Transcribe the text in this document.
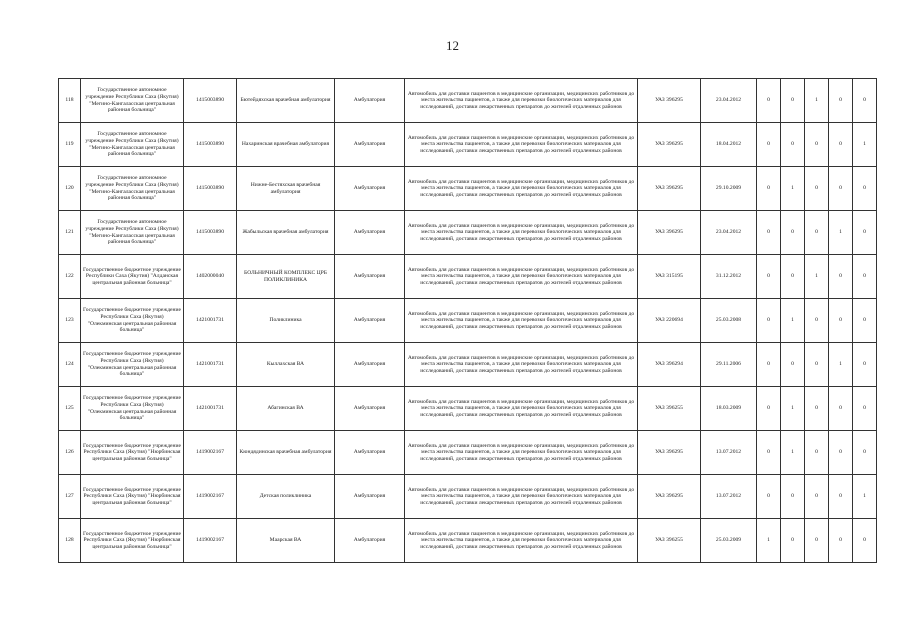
12
118	Государственное автономное учреждение Республики Саха (Якутия) "Мегино-Кангаласская центральная районная больница"	1415003890	Бютейдяхская врачебная амбулатория	Амбулатория	Автомобиль для доставки пациентов в медицинские организации, медицинских работников до места жительства пациентов, а также для перевозки биологических материалов для исследований, доставки лекарственных препаратов до жителей отдаленных районов	УАЗ 396295	23.04.2012	0	0	1	0	0
119	Государственное автономное учреждение Республики Саха (Якутия) "Мегино-Кангаласская центральная районная больница"	1415003890	Нахаринская врачебная амбулатория	Амбулатория	Автомобиль для доставки пациентов в медицинские организации, медицинских работников до места жительства пациентов, а также для перевозки биологических материалов для исследований, доставки лекарственных препаратов до жителей отдаленных районов	УАЗ 396295	18.04.2012	0	0	0	0	1
120	Государственное автономное учреждение Республики Саха (Якутия) "Мегино-Кангаласская центральная районная больница"	1415003890	Нижне-Бестяхская врачебная амбулатория	Амбулатория	Автомобиль для доставки пациентов в медицинские организации, медицинских работников до места жительства пациентов, а также для перевозки биологических материалов для исследований, доставки лекарственных препаратов до жителей отдаленных районов	УАЗ 396295	29.10.2009	0	1	0	0	0
121	Государственное автономное учреждение Республики Саха (Якутия) "Мегино-Кангаласская центральная районная больница"	1415003890	Жабыльская врачебная амбулатория	Амбулатория	Автомобиль для доставки пациентов в медицинские организации, медицинских работников до места жительства пациентов, а также для перевозки биологических материалов для исследований, доставки лекарственных препаратов до жителей отдаленных районов	УАЗ 396295	23.04.2012	0	0	0	1	0
122	Государственное бюджетное учреждение Республики Саха (Якутия) "Алданская центральная районная больница"	1402000040	БОЛЬНИЧНЫЙ КОМПЛЕКС ЦРБ ПОЛИКЛИНИКА	Амбулатория	Автомобиль для доставки пациентов в медицинские организации, медицинских работников до места жительства пациентов, а также для перевозки биологических материалов для исследований, доставки лекарственных препаратов до жителей отдаленных районов	УАЗ 315195	31.12.2012	0	0	1	0	0
123	Государственное бюджетное учреждение Республики Саха (Якутия) "Олекминская центральная районная больница"	1421001731	Поликлиника	Амбулатория	Автомобиль для доставки пациентов в медицинские организации, медицинских работников до места жительства пациентов, а также для перевозки биологических материалов для исследований, доставки лекарственных препаратов до жителей отдаленных районов	УАЗ 220694	25.03.2008	0	1	0	0	0
124	Государственное бюджетное учреждение Республики Саха (Якутия) "Олекминская центральная районная больница"	1421001731	Кыллахская ВА	Амбулатория	Автомобиль для доставки пациентов в медицинские организации, медицинских работников до места жительства пациентов, а также для перевозки биологических материалов для исследований, доставки лекарственных препаратов до жителей отдаленных районов	УАЗ 396294	29.11.2006	0	0	0	1	0
125	Государственное бюджетное учреждение Республики Саха (Якутия) "Олекминская центральная районная больница"	1421001731	Абагинская ВА	Амбулатория	Автомобиль для доставки пациентов в медицинские организации, медицинских работников до места жительства пациентов, а также для перевозки биологических материалов для исследований, доставки лекарственных препаратов до жителей отдаленных районов	УАЗ 396255	18.03.2009	0	1	0	0	0
126	Государственное бюджетное учреждение Республики Саха (Якутия) "Нюрбинская центральная районная больница"	1419002167	Кюндядинская врачебная амбулатория	Амбулатория	Автомобиль для доставки пациентов в медицинские организации, медицинских работников до места жительства пациентов, а также для перевозки биологических материалов для исследований, доставки лекарственных препаратов до жителей отдаленных районов	УАЗ 396295	13.07.2012	0	1	0	0	0
127	Государственное бюджетное учреждение Республики Саха (Якутия) "Нюрбинская центральная районная больница"	1419002167	Детская поликлиника	Амбулатория	Автомобиль для доставки пациентов в медицинские организации, медицинских работников до места жительства пациентов, а также для перевозки биологических материалов для исследований, доставки лекарственных препаратов до жителей отдаленных районов	УАЗ 396295	13.07.2012	0	0	0	0	1
128	Государственное бюджетное учреждение Республики Саха (Якутия) "Нюрбинская центральная районная больница"	1419002167	Маарская ВА	Амбулатория	Автомобиль для доставки пациентов в медицинские организации, медицинских работников до места жительства пациентов, а также для перевозки биологических материалов для исследований, доставки лекарственных препаратов до жителей отдаленных районов	УАЗ 396255	25.03.2009	1	0	0	0	0
